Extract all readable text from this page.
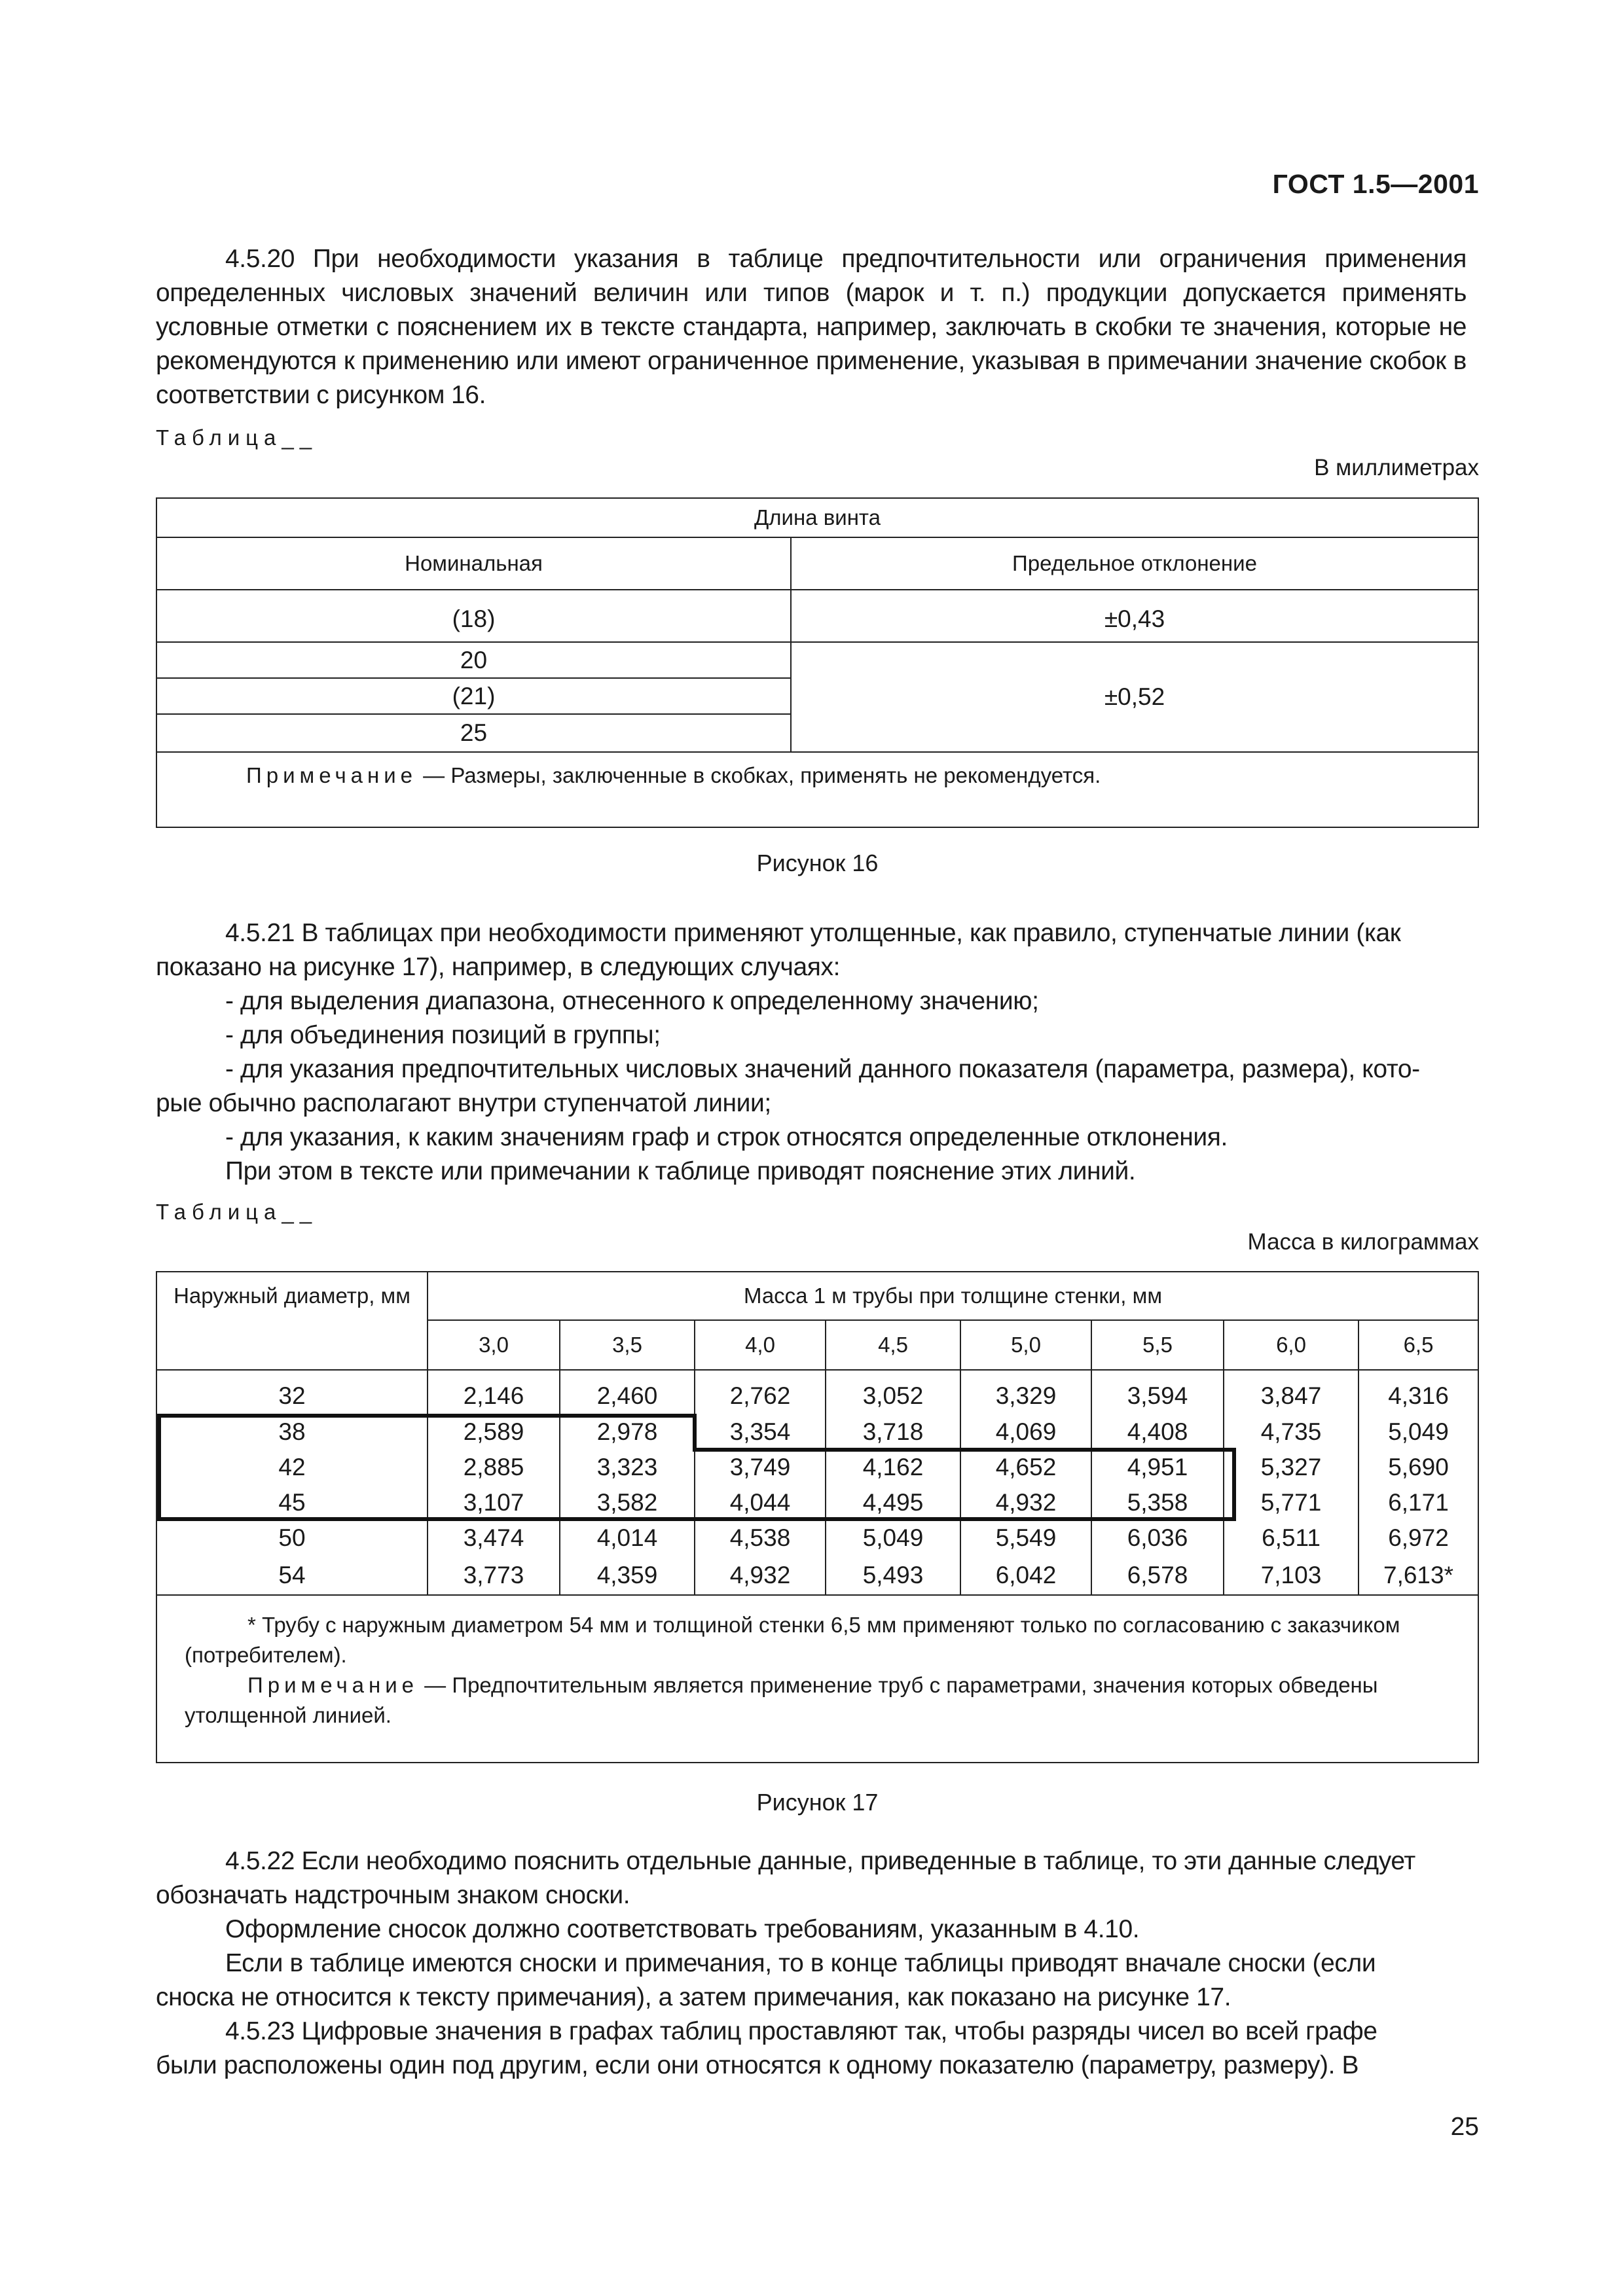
ГОСТ 1.5—2001

4.5.20 При необходимости указания в таблице предпочтительности или ограничения применения определенных числовых значений величин или типов (марок и т. п.) продукции допускается применять условные отметки с пояснением их в тексте стандарта, например, заключать в скобки те значения, которые не рекомендуются к применению или имеют ограниченное применение, указывая в примечании значение скобок в соответствии с рисунком 16.

Таблица__
В миллиметрах
Длина винта	
Номинальная	Предельное отклонение

(18)	±0,43
20	±0,52
(21)	
25	
Примечание — Размеры, заключенные в скобках, применять не рекомендуется.	
Рисунок 16
4.5.21 В таблицах при необходимости применяют утолщенные, как правило, ступенчатые линии (как
показано на рисунке 17), например, в следующих случаях:
- для выделения диапазона, отнесенного к определенному значению;
- для объединения позиций в группы;
- для указания предпочтительных числовых значений данного показателя (параметра, размера), кото-
рые обычно располагают внутри ступенчатой линии;
- для указания, к каким значениям граф и строк относятся определенные отклонения.
При этом в тексте или примечании к таблице приводят пояснение этих линий.
Таблица__
Масса в килограммах
Наружный диаметр, мм	Масса 1 м трубы при толщине стенки, мм							
	3,0	3,5	4,0	4,5	5,0	5,5	6,0	6,5

32	2,146	2,460	2,762	3,052	3,329	3,594	3,847	4,316
38	2,589	2,978	3,354	3,718	4,069	4,408	4,735	5,049
42	2,885	3,323	3,749	4,162	4,652	4,951	5,327	5,690
45	3,107	3,582	4,044	4,495	4,932	5,358	5,771	6,171
50	3,474	4,014	4,538	5,049	5,549	6,036	6,511	6,972
54	3,773	4,359	4,932	5,493	6,042	6,578	7,103	7,613*

* Трубу с наружным диаметром 54 мм и толщиной стенки 6,5 мм применяют только по согласованию с заказчиком (потребителем).
Примечание — Предпочтительным является применение труб с параметрами, значения которых обведены утолщенной линией.								
Рисунок 17
4.5.22 Если необходимо пояснить отдельные данные, приведенные в таблице, то эти данные следует
обозначать надстрочным знаком сноски.
Оформление сносок должно соответствовать требованиям, указанным в 4.10.
Если в таблице имеются сноски и примечания, то в конце таблицы приводят вначале сноски (если
сноска не относится к тексту примечания), а затем примечания, как показано на рисунке 17.
4.5.23 Цифровые значения в графах таблиц проставляют так, чтобы разряды чисел во всей графе
были расположены один под другим, если они относятся к одному показателю (параметру, размеру). В
25
